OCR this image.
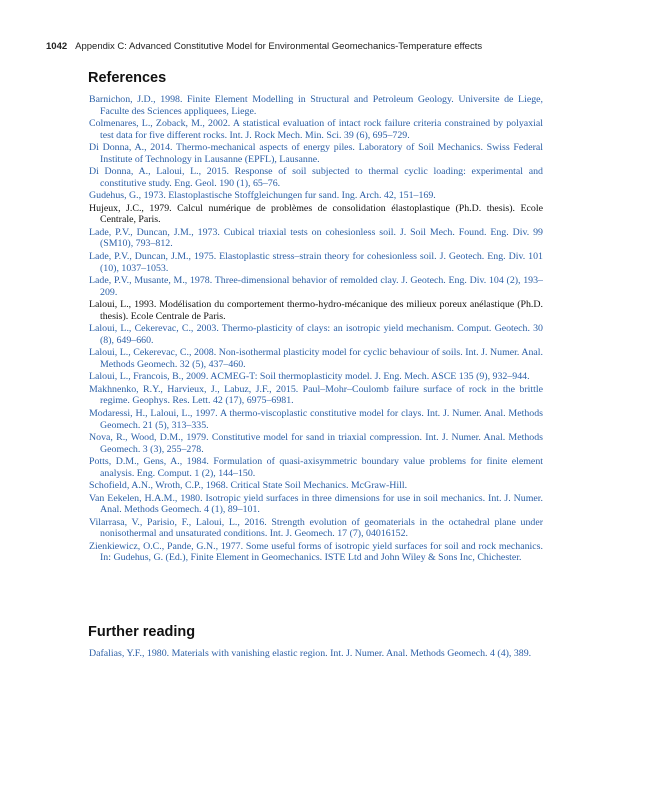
1042 Appendix C: Advanced Constitutive Model for Environmental Geomechanics-Temperature effects
References
Barnichon, J.D., 1998. Finite Element Modelling in Structural and Petroleum Geology. Universite de Liege, Faculte des Sciences appliquees, Liege.
Colmenares, L., Zoback, M., 2002. A statistical evaluation of intact rock failure criteria constrained by polyaxial test data for five different rocks. Int. J. Rock Mech. Min. Sci. 39 (6), 695–729.
Di Donna, A., 2014. Thermo-mechanical aspects of energy piles. Laboratory of Soil Mechanics. Swiss Federal Institute of Technology in Lausanne (EPFL), Lausanne.
Di Donna, A., Laloui, L., 2015. Response of soil subjected to thermal cyclic loading: experimental and constitutive study. Eng. Geol. 190 (1), 65–76.
Gudehus, G., 1973. Elastoplastische Stoffgleichungen fur sand. Ing. Arch. 42, 151–169.
Hujeux, J.C., 1979. Calcul numérique de problèmes de consolidation élastoplastique (Ph.D. thesis). Ecole Centrale, Paris.
Lade, P.V., Duncan, J.M., 1973. Cubical triaxial tests on cohesionless soil. J. Soil Mech. Found. Eng. Div. 99 (SM10), 793–812.
Lade, P.V., Duncan, J.M., 1975. Elastoplastic stress–strain theory for cohesionless soil. J. Geotech. Eng. Div. 101 (10), 1037–1053.
Lade, P.V., Musante, M., 1978. Three-dimensional behavior of remolded clay. J. Geotech. Eng. Div. 104 (2), 193–209.
Laloui, L., 1993. Modélisation du comportement thermo-hydro-mécanique des milieux poreux anélastique (Ph.D. thesis). Ecole Centrale de Paris.
Laloui, L., Cekerevac, C., 2003. Thermo-plasticity of clays: an isotropic yield mechanism. Comput. Geotech. 30 (8), 649–660.
Laloui, L., Cekerevac, C., 2008. Non-isothermal plasticity model for cyclic behaviour of soils. Int. J. Numer. Anal. Methods Geomech. 32 (5), 437–460.
Laloui, L., Francois, B., 2009. ACMEG-T: Soil thermoplasticity model. J. Eng. Mech. ASCE 135 (9), 932–944.
Makhnenko, R.Y., Harvieux, J., Labuz, J.F., 2015. Paul–Mohr–Coulomb failure surface of rock in the brittle regime. Geophys. Res. Lett. 42 (17), 6975–6981.
Modaressi, H., Laloui, L., 1997. A thermo-viscoplastic constitutive model for clays. Int. J. Numer. Anal. Methods Geomech. 21 (5), 313–335.
Nova, R., Wood, D.M., 1979. Constitutive model for sand in triaxial compression. Int. J. Numer. Anal. Methods Geomech. 3 (3), 255–278.
Potts, D.M., Gens, A., 1984. Formulation of quasi-axisymmetric boundary value problems for finite element analysis. Eng. Comput. 1 (2), 144–150.
Schofield, A.N., Wroth, C.P., 1968. Critical State Soil Mechanics. McGraw-Hill.
Van Eekelen, H.A.M., 1980. Isotropic yield surfaces in three dimensions for use in soil mechanics. Int. J. Numer. Anal. Methods Geomech. 4 (1), 89–101.
Vilarrasa, V., Parisio, F., Laloui, L., 2016. Strength evolution of geomaterials in the octahedral plane under nonisothermal and unsaturated conditions. Int. J. Geomech. 17 (7), 04016152.
Zienkiewicz, O.C., Pande, G.N., 1977. Some useful forms of isotropic yield surfaces for soil and rock mechanics. In: Gudehus, G. (Ed.), Finite Element in Geomechanics. ISTE Ltd and John Wiley & Sons Inc, Chichester.
Further reading
Dafalias, Y.F., 1980. Materials with vanishing elastic region. Int. J. Numer. Anal. Methods Geomech. 4 (4), 389.
